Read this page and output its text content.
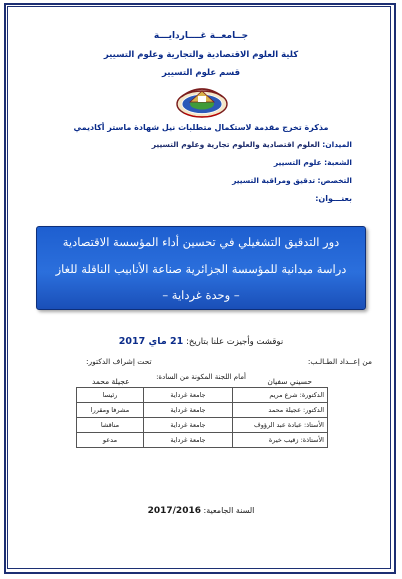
جــامعــة غــــاردايـــة
كلية العلوم الاقتصادية والتجارية وعلوم التسيير
قسم علوم التسيير
مذكرة تخرج مقدمة لاستكمال متطلبات نيل شهادة ماستر أكاديمي
الميدان: العلوم اقتصادية والعلوم تجارية وعلوم التسيير
الشعبة: علوم التسيير
التخصص: تدقيق ومراقبة التسيير
بعنـــوان:
دور التدقيق التشغيلي في تحسين أداء المؤسسة الاقتصادية
دراسة ميدانية للمؤسسة الجزائرية صناعة الأنابيب الناقلة للغاز
– وحدة غرداية –
نوقشت وأجيزت علنا بتاريخ: 21 ماي 2017
من إعــداد الطـالـب:
حسيني سفيان
تحت إشراف الدكتور:
عجيلة محمد	أمام اللجنة المكونة من السادة:
الدكتورة: شرع مريم	جامعة غرداية	رئيسا
الدكتور: عجيلة محمد	جامعة غرداية	مشرفا ومقررا
الأستاذ: عبادة عبد الرؤوف	جامعة غرداية	مناقشا
الأستاذة: زقيب خيرة	جامعة غرداية	مدعو
السنة الجامعية: 2017/2016
